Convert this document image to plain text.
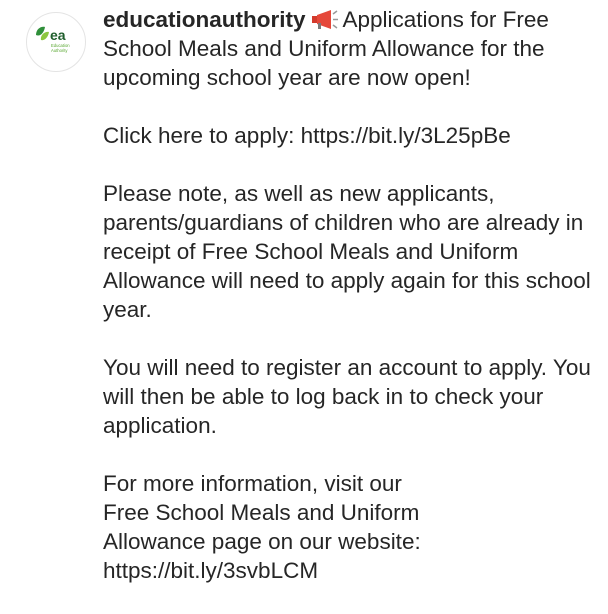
ea
Education
Authority

educationauthority Applications for Free School Meals and Uniform Allowance for the upcoming school year are now open!

Click here to apply: https://bit.ly/3L25pBe

Please note, as well as new applicants, parents/guardians of children who are already in receipt of Free School Meals and Uniform Allowance will need to apply again for this school year.

You will need to register an account to apply. You will then be able to log back in to check your application.

For more information, visit our
Free School Meals and Uniform
Allowance page on our website:
https://bit.ly/3svbLCM
